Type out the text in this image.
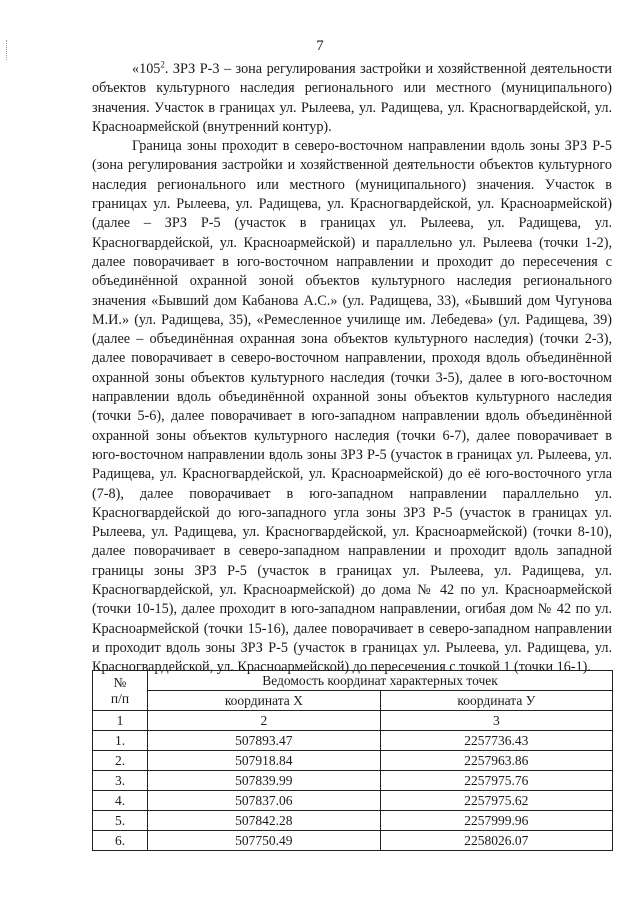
7

«$105^2$. ЗРЗ Р-3 – зона регулирования застройки и хозяйственной деятельности объектов культурного наследия регионального или местного (муниципального) значения. Участок в границах ул. Рылеева, ул. Радищева, ул. Красногвардейской, ул. Красноармейской (внутренний контур).

Граница зоны проходит в северо-восточном направлении вдоль зоны ЗРЗ Р-5 (зона регулирования застройки и хозяйственной деятельности объектов культурного наследия регионального или местного (муниципального) значения. Участок в границах ул. Рылеева, ул. Радищева, ул. Красногвардейской, ул. Красноармейской) (далее – ЗРЗ Р-5 (участок в границах ул. Рылеева, ул. Радищева, ул. Красногвардейской, ул. Красноармейской) и параллельно ул. Рылеева (точки 1-2), далее поворачивает в юго-восточном направлении и проходит до пересечения с объединённой охранной зоной объектов культурного наследия регионального значения «Бывший дом Кабанова А.С.» (ул. Радищева, 33), «Бывший дом Чугунова М.И.» (ул. Радищева, 35), «Ремесленное училище им. Лебедева» (ул. Радищева, 39) (далее – объединённая охранная зона объектов культурного наследия) (точки 2-3), далее поворачивает в северо-восточном направлении, проходя вдоль объединённой охранной зоны объектов культурного наследия (точки 3-5), далее в юго-восточном направлении вдоль объединённой охранной зоны объектов культурного наследия (точки 5-6), далее поворачивает в юго-западном направлении вдоль объединённой охранной зоны объектов культурного наследия (точки 6-7), далее поворачивает в юго-восточном направлении вдоль зоны ЗРЗ Р-5 (участок в границах ул. Рылеева, ул. Радищева, ул. Красногвардейской, ул. Красноармейской) до её юго-восточного угла (7-8), далее поворачивает в юго-западном направлении параллельно ул. Красногвардейской до юго-западного угла зоны ЗРЗ Р-5 (участок в границах ул. Рылеева, ул. Радищева, ул. Красногвардейской, ул. Красноармейской) (точки 8-10), далее поворачивает в северо-западном направлении и проходит вдоль западной границы зоны ЗРЗ Р-5 (участок в границах ул. Рылеева, ул. Радищева, ул. Красногвардейской, ул. Красноармейской) до дома № 42 по ул. Красноармейской (точки 10-15), далее проходит в юго-западном направлении, огибая дом № 42 по ул. Красноармейской (точки 15-16), далее поворачивает в северо-западном направлении и проходит вдоль зоны ЗРЗ Р-5 (участок в границах ул. Рылеева, ул. Радищева, ул. Красногвардейской, ул. Красноармейской) до пересечения с точкой 1 (точки 16-1).

№
п/п	Ведомость координат характерных точек	
	координата X	координата У
1	2	3
1.	507893.47	2257736.43
2.	507918.84	2257963.86
3.	507839.99	2257975.76
4.	507837.06	2257975.62
5.	507842.28	2257999.96
6.	507750.49	2258026.07
